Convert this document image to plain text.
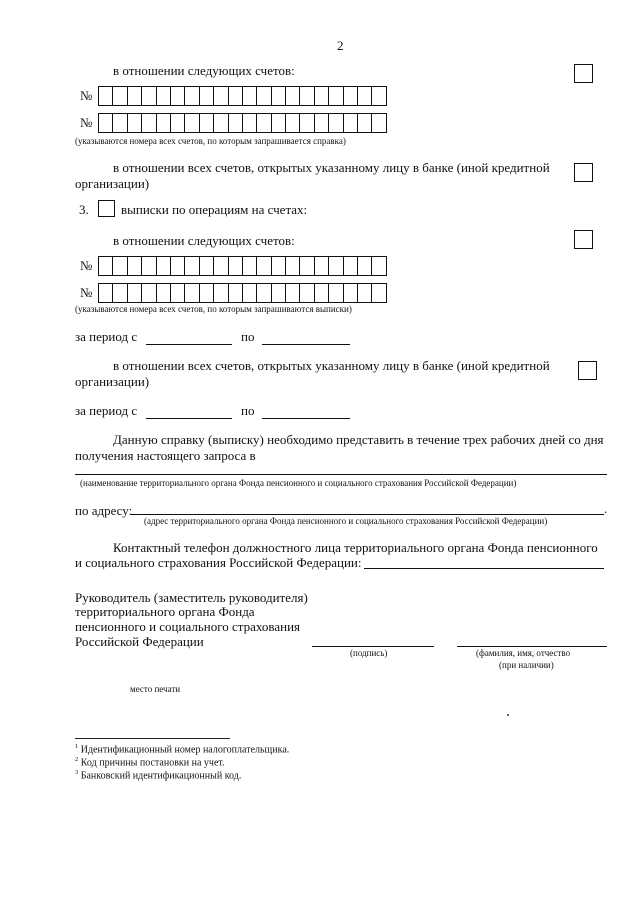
2
в отношении следующих счетов:
№
№
(указываются номера всех счетов, по которым запрашивается справка)
в отношении всех счетов, открытых указанному лицу в банке (иной кредитной
организации)
3. выписки по операциям на счетах:
в отношении следующих счетов:
№
№
(указываются номера всех счетов, по которым запрашиваются выписки)
за период с	по
в отношении всех счетов, открытых указанному лицу в банке (иной кредитной
организации)
за период с	по
Данную справку (выписку) необходимо представить в течение трех рабочих дней со дня
получения настоящего запроса в
(наименование территориального органа Фонда пенсионного и социального страхования Российской Федерации)
по адресу:	.
(адрес территориального органа Фонда пенсионного и социального страхования Российской Федерации)
Контактный телефон должностного лица территориального органа Фонда пенсионного
и социального страхования Российской Федерации:
Руководитель (заместитель руководителя)
территориального органа Фонда
пенсионного и социального страхования
Российской Федерации
(подпись)	(фамилия, имя, отчество
(при наличии)
место печати
$^1$ Идентификационный номер налогоплательщика.
$^2$ Код причины постановки на учет.
$^3$ Банковский идентификационный код.
